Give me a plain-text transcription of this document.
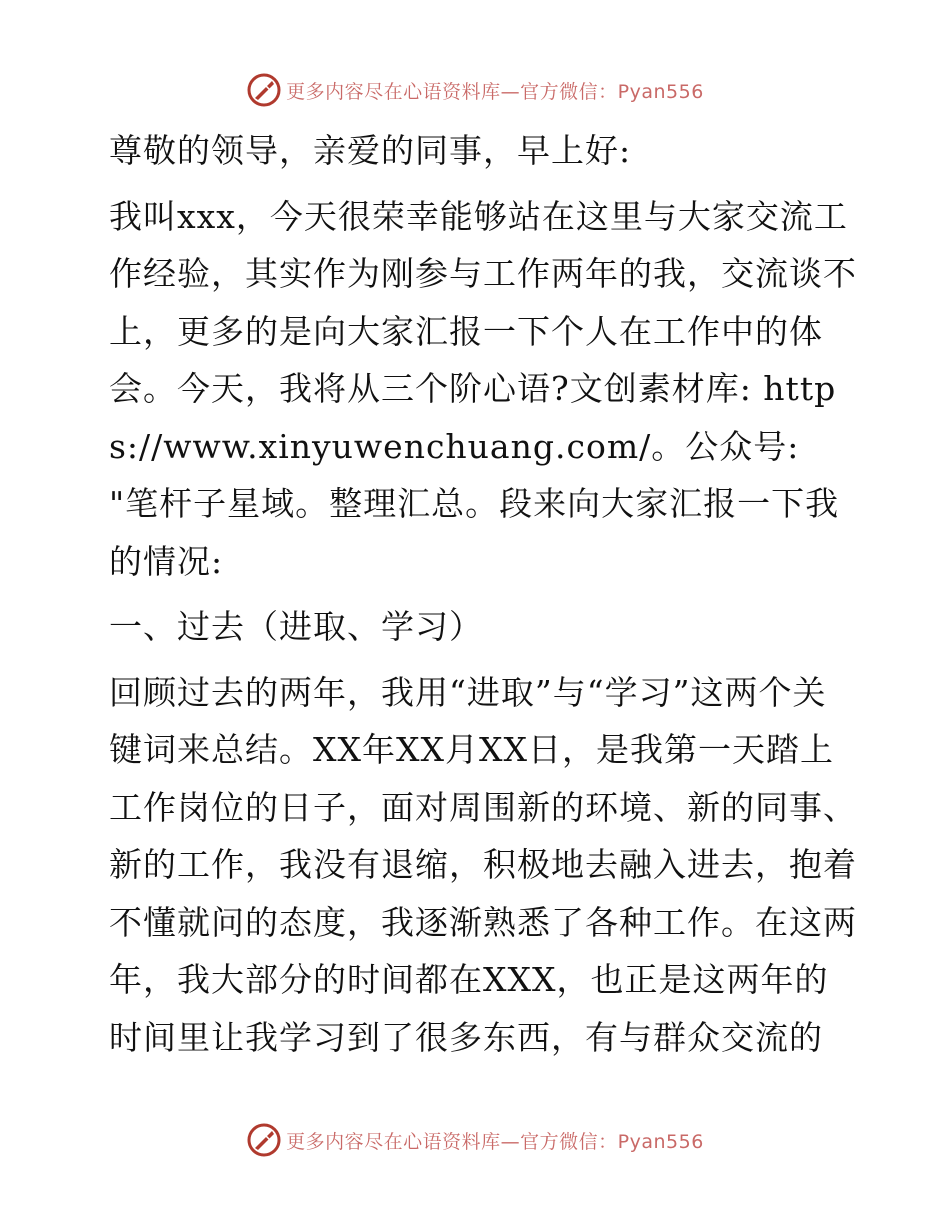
更多内容尽在心语资料库—官方微信：Pyan556

尊敬的领导，亲爱的同事，早上好:

我叫xxx，今天很荣幸能够站在这里与大家交流工作经验，其实作为刚参与工作两年的我，交流谈不上，更多的是向大家汇报一下个人在工作中的体会。今天，我将从三个阶心语?文创素材库: https://www.xinyuwenchuang.com/。公众号: "笔杆子星域。整理汇总。段来向大家汇报一下我的情况:

一、过去（进取、学习）

回顾过去的两年，我用“进取”与“学习”这两个关键词来总结。XX年XX月XX日，是我第一天踏上工作岗位的日子，面对周围新的环境、新的同事、新的工作，我没有退缩，积极地去融入进去，抱着不懂就问的态度，我逐渐熟悉了各种工作。在这两年，我大部分的时间都在XXX，也正是这两年的时间里让我学习到了很多东西，有与群众交流的

更多内容尽在心语资料库—官方微信：Pyan556
